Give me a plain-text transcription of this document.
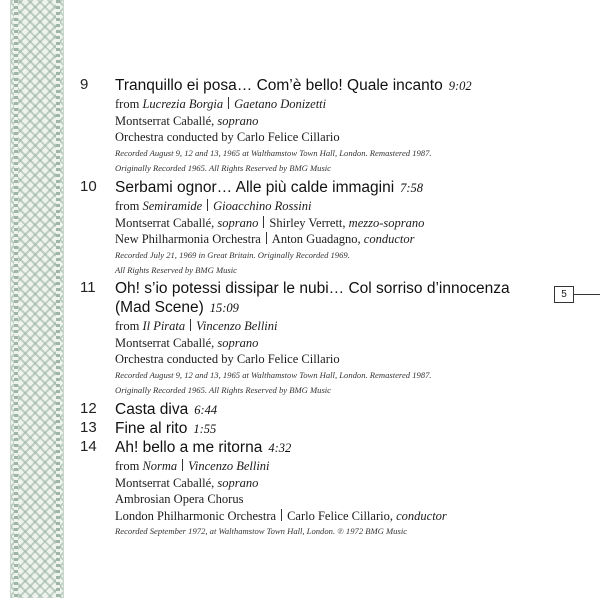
9 Tranquillo ei posa… Com’è bello! Quale incanto 9:02
from Lucrezia Borgia Gaetano Donizetti
Montserrat Caballé, soprano
Orchestra conducted by Carlo Felice Cillario
Recorded August 9, 12 and 13, 1965 at Walthamstow Town Hall, London. Remastered 1987.
Originally Recorded 1965. All Rights Reserved by BMG Music
10 Serbami ognor… Alle più calde immagini 7:58
from Semiramide Gioacchino Rossini
Montserrat Caballé, soprano Shirley Verrett, mezzo-soprano
New Philharmonia Orchestra Anton Guadagno, conductor
Recorded July 21, 1969 in Great Britain. Originally Recorded 1969.
All Rights Reserved by BMG Music
11 Oh! s’io potessi dissipar le nubi… Col sorriso d’innocenza
(Mad Scene) 15:09
from Il Pirata Vincenzo Bellini
Montserrat Caballé, soprano
Orchestra conducted by Carlo Felice Cillario
Recorded August 9, 12 and 13, 1965 at Walthamstow Town Hall, London. Remastered 1987.
Originally Recorded 1965. All Rights Reserved by BMG Music
12 Casta diva 6:44
13 Fine al rito 1:55
14 Ah! bello a me ritorna 4:32
from Norma Vincenzo Bellini
Montserrat Caballé, soprano
Ambrosian Opera Chorus
London Philharmonic Orchestra Carlo Felice Cillario, conductor
Recorded September 1972, at Walthamstow Town Hall, London. ℗ 1972 BMG Music
5
